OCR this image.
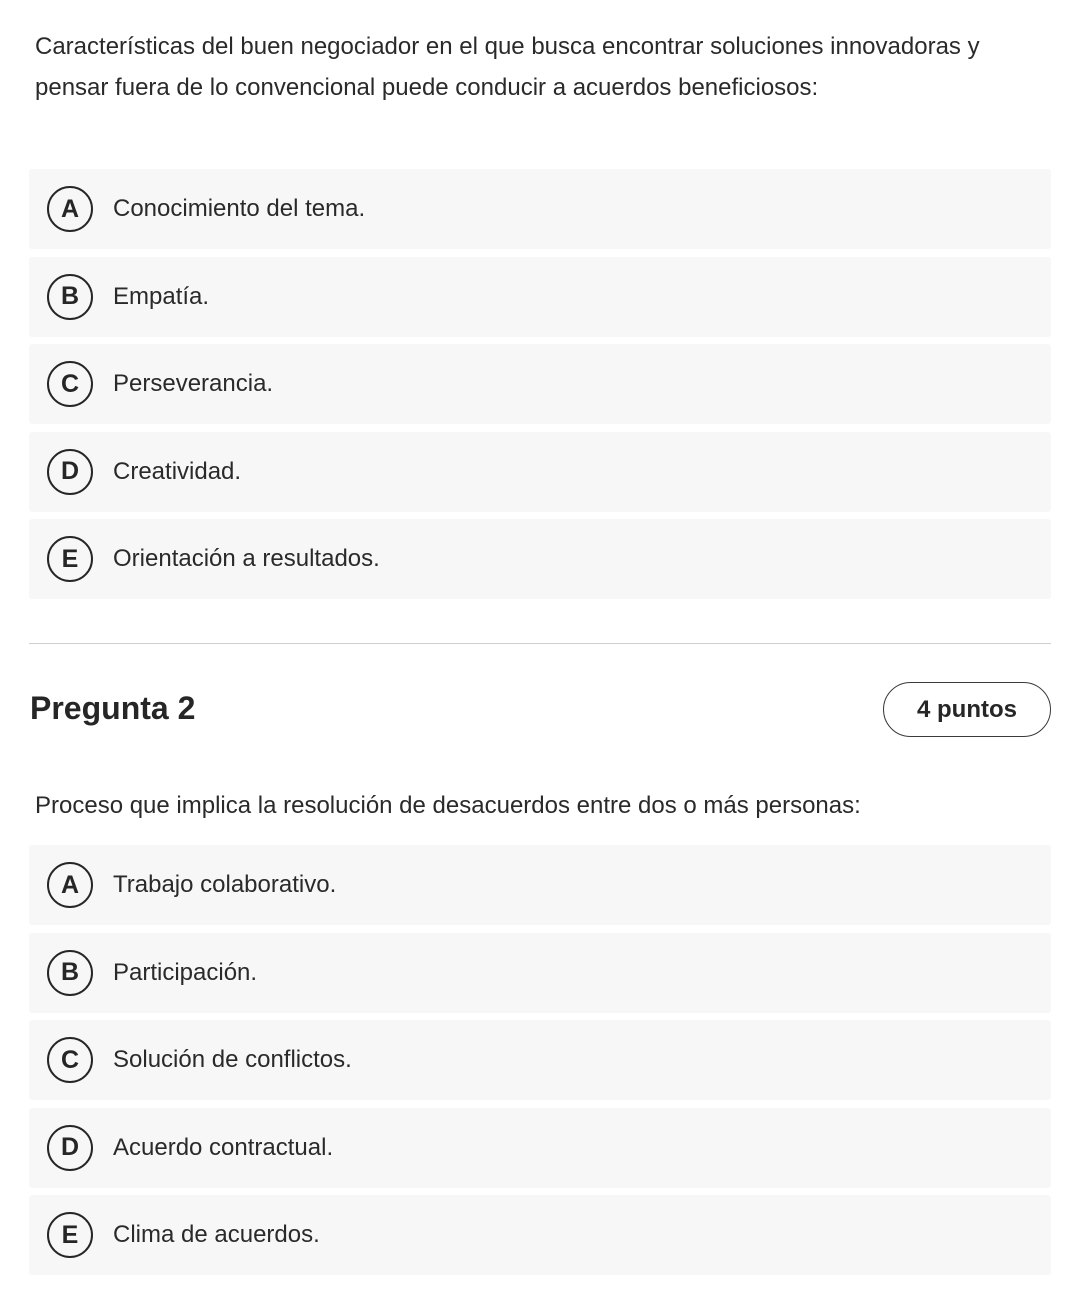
Características del buen negociador en el que busca encontrar soluciones innovadoras y pensar fuera de lo convencional puede conducir a acuerdos beneficiosos:
A	Conocimiento del tema.
B	Empatía.
C	Perseverancia.
D	Creatividad.
E	Orientación a resultados.
Pregunta 2	4 puntos
Proceso que implica la resolución de desacuerdos entre dos o más personas:
A	Trabajo colaborativo.
B	Participación.
C	Solución de conflictos.
D	Acuerdo contractual.
E	Clima de acuerdos.
